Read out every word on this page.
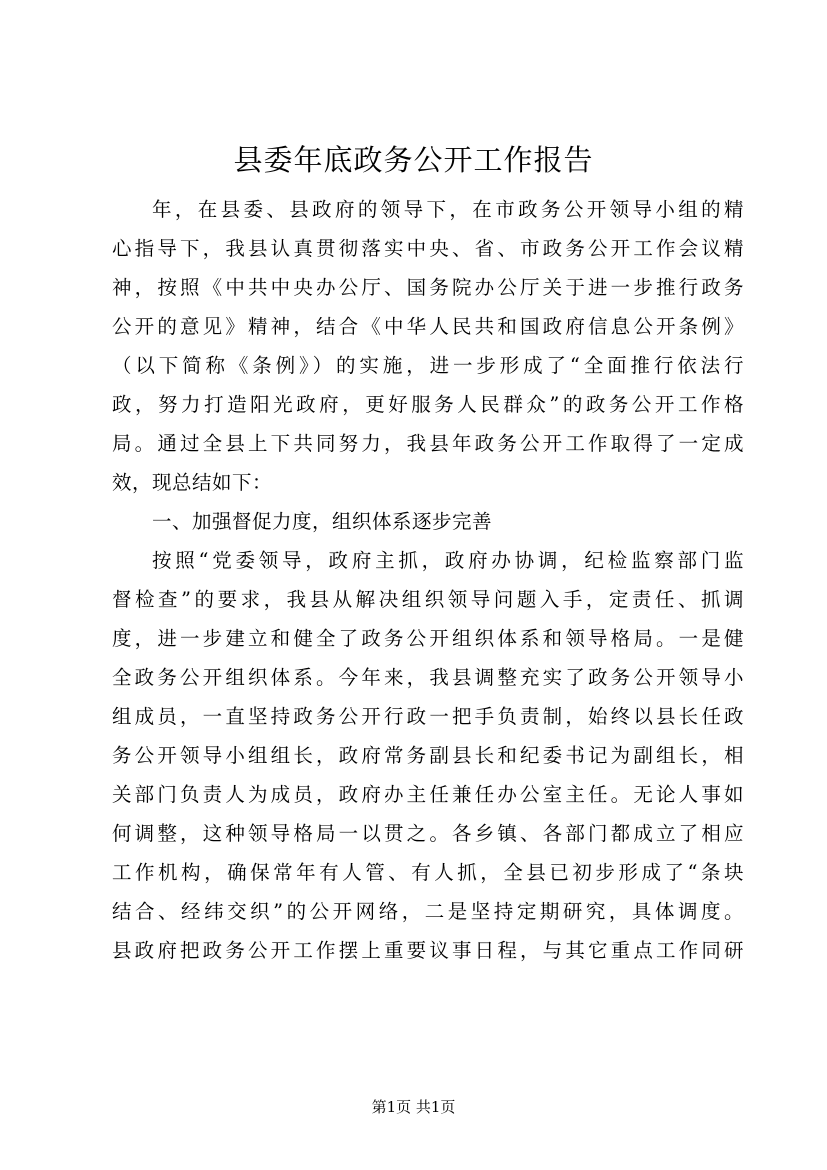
县委年底政务公开工作报告
年，在县委、县政府的领导下，在市政务公开领导小组的精
心指导下，我县认真贯彻落实中央、省、市政务公开工作会议精
神，按照《中共中央办公厅、国务院办公厅关于进一步推行政务
公开的意见》精神，结合《中华人民共和国政府信息公开条例》
（以下简称《条例》）的实施，进一步形成了“全面推行依法行
政，努力打造阳光政府，更好服务人民群众”的政务公开工作格
局。通过全县上下共同努力，我县年政务公开工作取得了一定成
效，现总结如下：
一、加强督促力度，组织体系逐步完善
按照“党委领导，政府主抓，政府办协调，纪检监察部门监
督检查”的要求，我县从解决组织领导问题入手，定责任、抓调
度，进一步建立和健全了政务公开组织体系和领导格局。一是健
全政务公开组织体系。今年来，我县调整充实了政务公开领导小
组成员，一直坚持政务公开行政一把手负责制，始终以县长任政
务公开领导小组组长，政府常务副县长和纪委书记为副组长，相
关部门负责人为成员，政府办主任兼任办公室主任。无论人事如
何调整，这种领导格局一以贯之。各乡镇、各部门都成立了相应
工作机构，确保常年有人管、有人抓，全县已初步形成了“条块
结合、经纬交织”的公开网络，二是坚持定期研究，具体调度。
县政府把政务公开工作摆上重要议事日程，与其它重点工作同研
第1页 共1页
